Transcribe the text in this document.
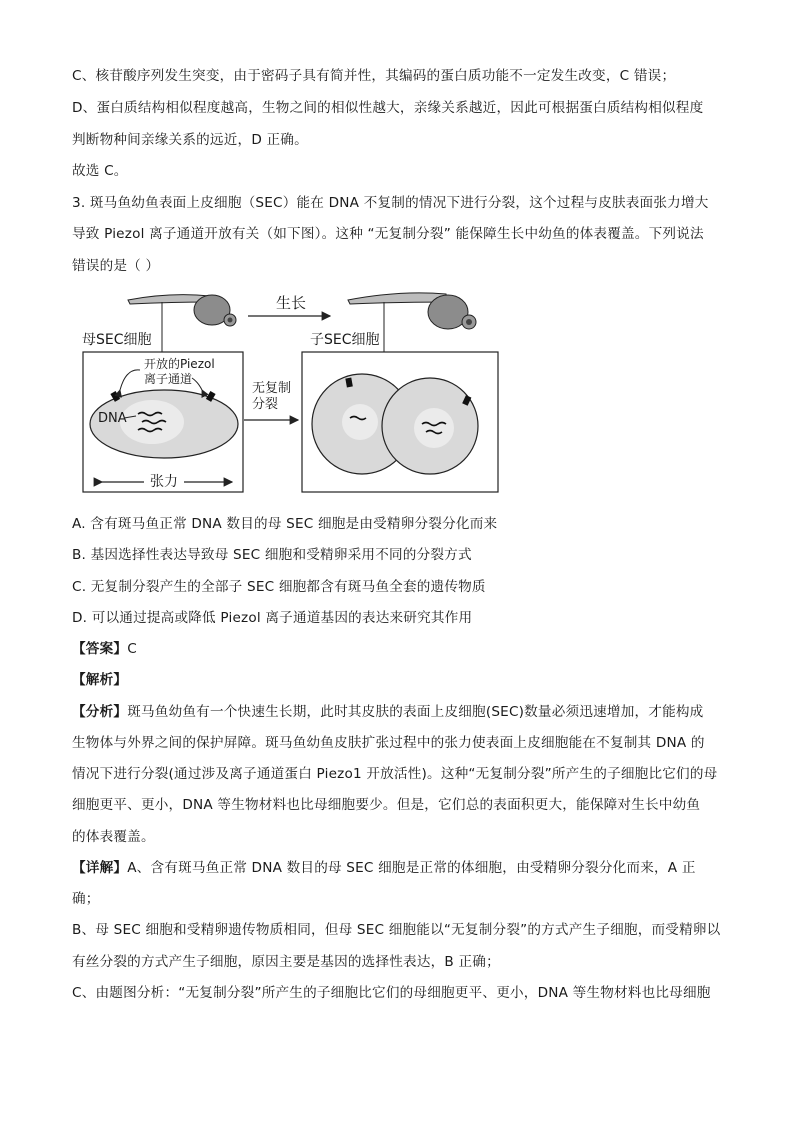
C、核苷酸序列发生突变，由于密码子具有简并性，其编码的蛋白质功能不一定发生改变，C 错误；
D、蛋白质结构相似程度越高，生物之间的相似性越大，亲缘关系越近，因此可根据蛋白质结构相似程度
判断物种间亲缘关系的远近，D 正确。
故选 C。
3. 斑马鱼幼鱼表面上皮细胞（SEC）能在 DNA 不复制的情况下进行分裂，这个过程与皮肤表面张力增大
导致 Piezol 离子通道开放有关（如下图）。这种 “无复制分裂” 能保障生长中幼鱼的体表覆盖。下列说法
错误的是（ ）
生长
母SEC细胞	子SEC细胞
DNA
开放的Piezol
离子通道
张力
无复制
分裂
A. 含有斑马鱼正常 DNA 数目的母 SEC 细胞是由受精卵分裂分化而来
B. 基因选择性表达导致母 SEC 细胞和受精卵采用不同的分裂方式
C. 无复制分裂产生的全部子 SEC 细胞都含有斑马鱼全套的遗传物质
D. 可以通过提高或降低 Piezol 离子通道基因的表达来研究其作用
【答案】C
【解析】
【分析】斑马鱼幼鱼有一个快速生长期，此时其皮肤的表面上皮细胞(SEC)数量必须迅速增加，才能构成
生物体与外界之间的保护屏障。斑马鱼幼鱼皮肤扩张过程中的张力使表面上皮细胞能在不复制其 DNA 的
情况下进行分裂(通过涉及离子通道蛋白 Piezo1 开放活性)。这种“无复制分裂”所产生的子细胞比它们的母
细胞更平、更小，DNA 等生物材料也比母细胞要少。但是，它们总的表面积更大，能保障对生长中幼鱼
的体表覆盖。
【详解】A、含有斑马鱼正常 DNA 数目的母 SEC 细胞是正常的体细胞，由受精卵分裂分化而来，A 正
确；
B、母 SEC 细胞和受精卵遗传物质相同，但母 SEC 细胞能以“无复制分裂”的方式产生子细胞，而受精卵以
有丝分裂的方式产生子细胞，原因主要是基因的选择性表达，B 正确；
C、由题图分析：“无复制分裂”所产生的子细胞比它们的母细胞更平、更小，DNA 等生物材料也比母细胞
